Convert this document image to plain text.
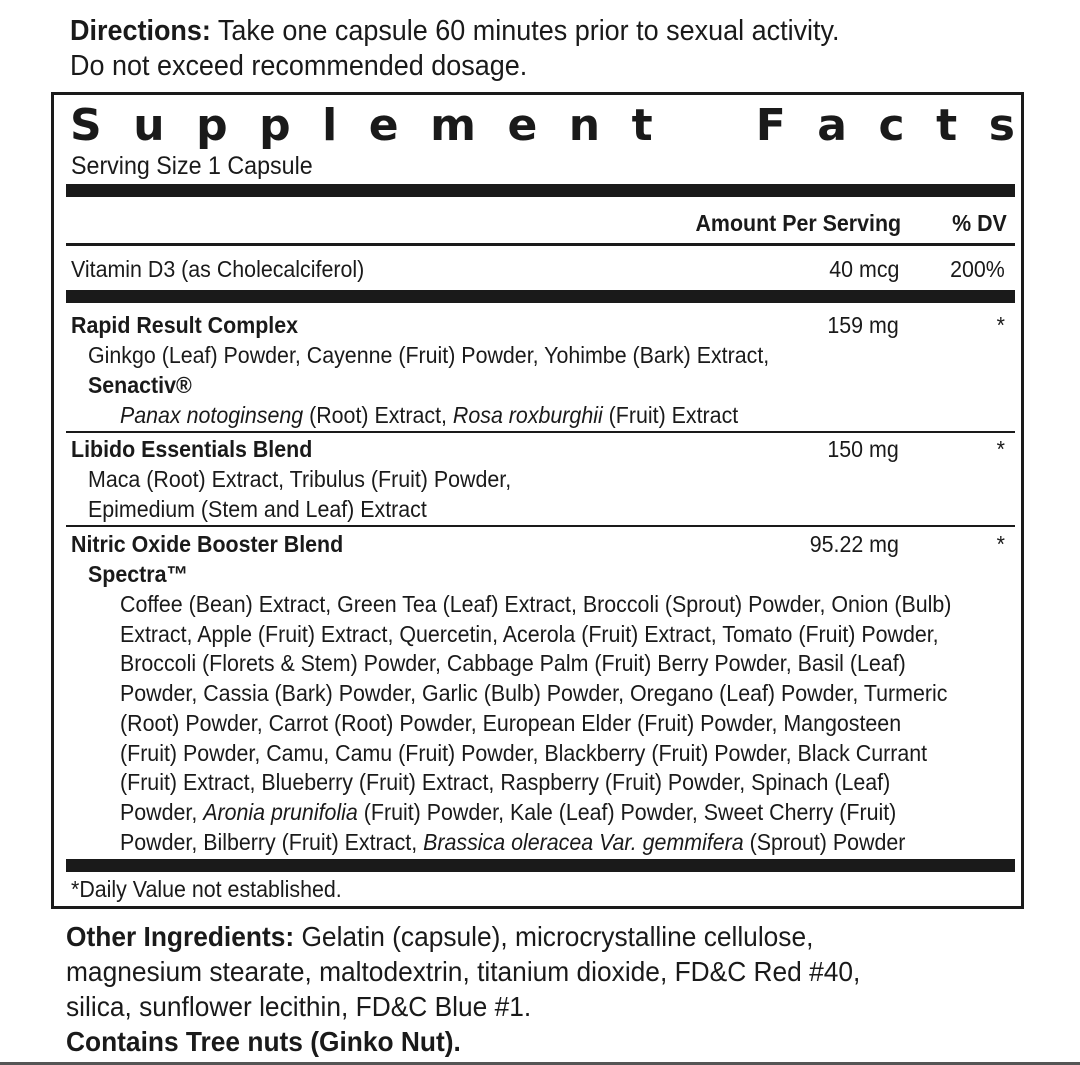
Directions: Take one capsule 60 minutes prior to sexual activity.
Do not exceed recommended dosage.
S u p p l e m e n t F a c t s
Serving Size 1 Capsule
Amount Per Serving % DV
Vitamin D3 (as Cholecalciferol)	40 mcg 200%
Rapid Result Complex	159 mg	*
Ginkgo (Leaf) Powder, Cayenne (Fruit) Powder, Yohimbe (Bark) Extract,
Senactiv®
Panax notoginseng (Root) Extract, Rosa roxburghii (Fruit) Extract
Libido Essentials Blend	150 mg	*
Maca (Root) Extract, Tribulus (Fruit) Powder,
Epimedium (Stem and Leaf) Extract
Nitric Oxide Booster Blend	95.22 mg	*
Spectra™
Coffee (Bean) Extract, Green Tea (Leaf) Extract, Broccoli (Sprout) Powder, Onion (Bulb)
Extract, Apple (Fruit) Extract, Quercetin, Acerola (Fruit) Extract, Tomato (Fruit) Powder,
Broccoli (Florets & Stem) Powder, Cabbage Palm (Fruit) Berry Powder, Basil (Leaf)
Powder, Cassia (Bark) Powder, Garlic (Bulb) Powder, Oregano (Leaf) Powder, Turmeric
(Root) Powder, Carrot (Root) Powder, European Elder (Fruit) Powder, Mangosteen
(Fruit) Powder, Camu, Camu (Fruit) Powder, Blackberry (Fruit) Powder, Black Currant
(Fruit) Extract, Blueberry (Fruit) Extract, Raspberry (Fruit) Powder, Spinach (Leaf)
Powder, Aronia prunifolia (Fruit) Powder, Kale (Leaf) Powder, Sweet Cherry (Fruit)
Powder, Bilberry (Fruit) Extract, Brassica oleracea Var. gemmifera (Sprout) Powder
*Daily Value not established.
Other Ingredients: Gelatin (capsule), microcrystalline cellulose,
magnesium stearate, maltodextrin, titanium dioxide, FD&C Red #40,
silica, sunflower lecithin, FD&C Blue #1.
Contains Tree nuts (Ginko Nut).
